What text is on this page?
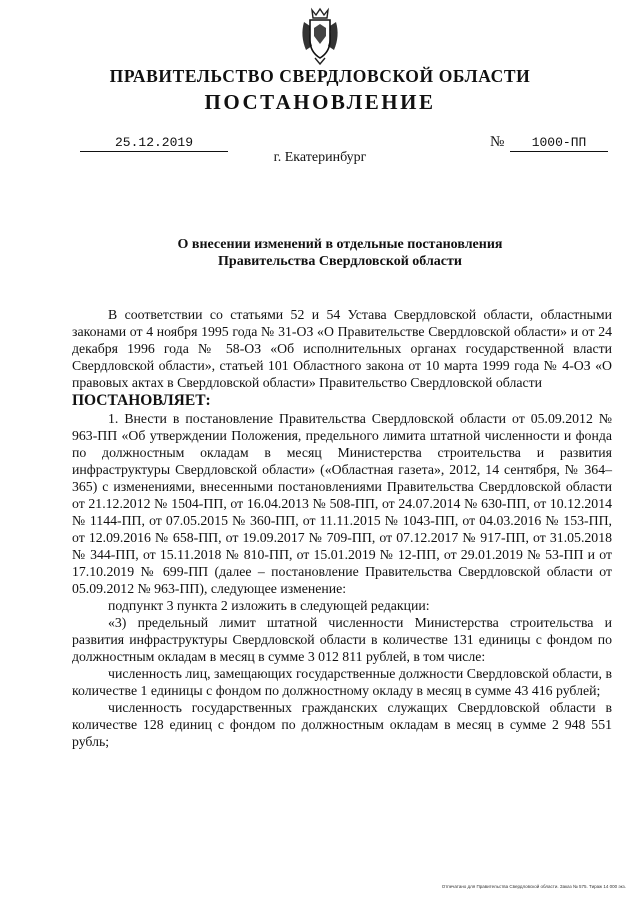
ПРАВИТЕЛЬСТВО СВЕРДЛОВСКОЙ ОБЛАСТИ
ПОСТАНОВЛЕНИЕ
25.12.2019	№	1000-ПП
г. Екатеринбург
О внесении изменений в отдельные постановления
Правительства Свердловской области

В соответствии со статьями 52 и 54 Устава Свердловской области, областными законами от 4 ноября 1995 года № 31-ОЗ «О Правительстве Свердловской области» и от 24 декабря 1996 года № 58-ОЗ «Об исполнительных органах государственной власти Свердловской области», статьей 101 Областного закона от 10 марта 1999 года № 4-ОЗ «О правовых актах в Свердловской области» Правительство Свердловской области

ПОСТАНОВЛЯЕТ:

1. Внести в постановление Правительства Свердловской области от 05.09.2012 № 963-ПП «Об утверждении Положения, предельного лимита штатной численности и фонда по должностным окладам в месяц Министерства строительства и развития инфраструктуры Свердловской области» («Областная газета», 2012, 14 сентября, № 364–365) с изменениями, внесенными постановлениями Правительства Свердловской области от 21.12.2012 № 1504-ПП, от 16.04.2013 № 508-ПП, от 24.07.2014 № 630-ПП, от 10.12.2014 № 1144-ПП, от 07.05.2015 № 360-ПП, от 11.11.2015 № 1043-ПП, от 04.03.2016 № 153-ПП, от 12.09.2016 № 658-ПП, от 19.09.2017 № 709-ПП, от 07.12.2017 № 917-ПП, от 31.05.2018 № 344-ПП, от 15.11.2018 № 810-ПП, от 15.01.2019 № 12-ПП, от 29.01.2019 № 53-ПП и от 17.10.2019 № 699-ПП (далее – постановление Правительства Свердловской области от 05.09.2012 № 963-ПП), следующее изменение:

подпункт 3 пункта 2 изложить в следующей редакции:

«3) предельный лимит штатной численности Министерства строительства и развития инфраструктуры Свердловской области в количестве 131 единицы с фондом по должностным окладам в месяц в сумме 3 012 811 рублей, в том числе:

численность лиц, замещающих государственные должности Свердловской области, в количестве 1 единицы с фондом по должностному окладу в месяц в сумме 43 416 рублей;

численность государственных гражданских служащих Свердловской области в количестве 128 единиц с фондом по должностным окладам в месяц в сумме 2 948 551 рубль;

Отпечатано для Правительства Свердловской области. Заказ № 575. Тираж 14 000 экз.
